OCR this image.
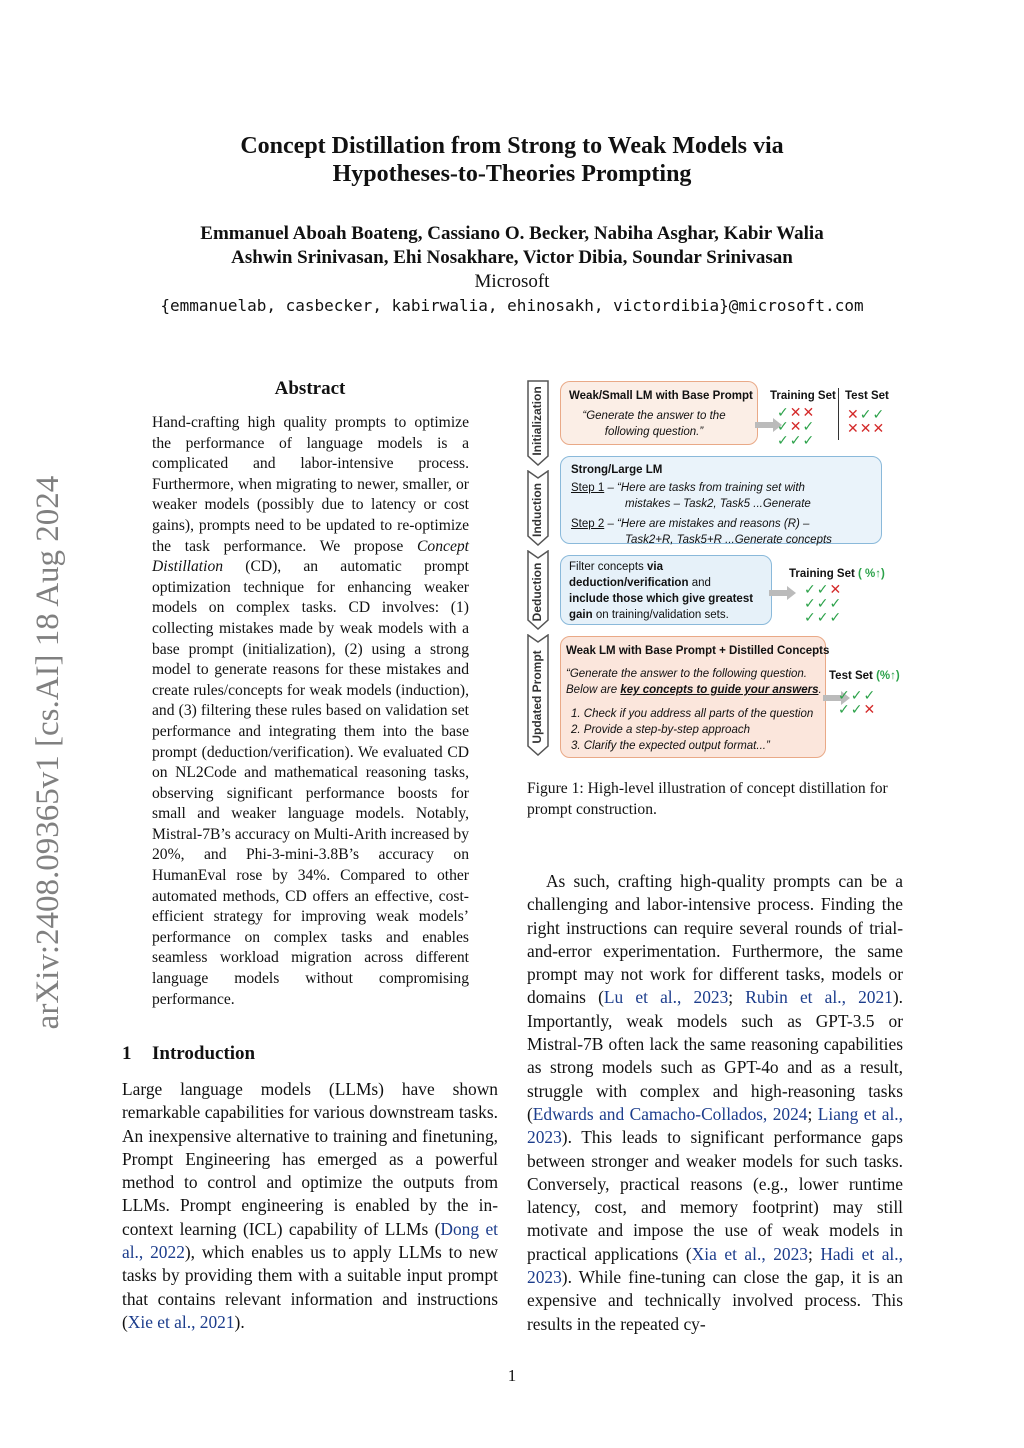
Concept Distillation from Strong to Weak Models via
Hypotheses-to-Theories Prompting
Emmanuel Aboah Boateng, Cassiano O. Becker, Nabiha Asghar, Kabir Walia
Ashwin Srinivasan, Ehi Nosakhare, Victor Dibia, Soundar Srinivasan
Microsoft
{emmanuelab, casbecker, kabirwalia, ehinosakh, victordibia}@microsoft.com
arXiv:2408.09365v1 [cs.AI] 18 Aug 2024
Abstract
Hand-crafting high quality prompts to optimize the performance of language models is a complicated and labor-intensive process. Furthermore, when migrating to newer, smaller, or weaker models (possibly due to latency or cost gains), prompts need to be updated to re-optimize the task performance. We propose Concept Distillation (CD), an automatic prompt optimization technique for enhancing weaker models on complex tasks. CD involves: (1) collecting mistakes made by weak models with a base prompt (initialization), (2) using a strong model to generate reasons for these mistakes and create rules/concepts for weak models (induction), and (3) filtering these rules based on validation set performance and integrating them into the base prompt (deduction/verification). We evaluated CD on NL2Code and mathematical reasoning tasks, observing significant performance boosts for small and weaker language models. Notably, Mistral-7B’s accuracy on Multi-Arith increased by 20%, and Phi-3-mini-3.8B’s accuracy on HumanEval rose by 34%. Compared to other automated methods, CD offers an effective, cost-efficient strategy for improving weak models’ performance on complex tasks and enables seamless workload migration across different language models without compromising performance.
1 Introduction
Large language models (LLMs) have shown remarkable capabilities for various downstream tasks. An inexpensive alternative to training and finetuning, Prompt Engineering has emerged as a powerful method to control and optimize the outputs from LLMs. Prompt engineering is enabled by the in-context learning (ICL) capability of LLMs (Dong et al., 2022), which enables us to apply LLMs to new tasks by providing them with a suitable input prompt that contains relevant information and instructions (Xie et al., 2021).
As such, crafting high-quality prompts can be a challenging and labor-intensive process. Finding the right instructions can require several rounds of trial-and-error experimentation. Furthermore, the same prompt may not work for different tasks, models or domains (Lu et al., 2023; Rubin et al., 2021). Importantly, weak models such as GPT-3.5 or Mistral-7B often lack the same reasoning capabilities as strong models such as GPT-4o and as a result, struggle with complex and high-reasoning tasks (Edwards and Camacho-Collados, 2024; Liang et al., 2023). This leads to significant performance gaps between stronger and weaker models for such tasks. Conversely, practical reasons (e.g., lower runtime latency, cost, and memory footprint) may still motivate and impose the use of weak models in practical applications (Xia et al., 2023; Hadi et al., 2023). While fine-tuning can close the gap, it is an expensive and technically involved process. This results in the repeated cy-
Initialization
Induction
Deduction
Updated Prompt
Weak/Small LM with Base Prompt
“Generate the answer to the following question.”
Training Set Test Set
✓✕✕
✓✕✓
✓✓✓
✕✓✓
✕✕✕
Strong/Large LM
Step 1 – “Here are tasks from training set with
mistakes – Task2, Task5 ...Generate
Step 2 – “Here are mistakes and reasons (R) –
Task2+R, Task5+R ...Generate concepts
Filter concepts via
deduction/verification and
include those which give greatest
gain on training/validation sets.
Training Set ( %↑)
✓✓✕
✓✓✓
✓✓✓
Weak LM with Base Prompt + Distilled Concepts
“Generate the answer to the following question.
Below are key concepts to guide your answers.
1. Check if you address all parts of the question
2. Provide a step-by-step approach
3. Clarify the expected output format...”
Test Set (%↑)
✓✓✓
✓✓✕
Figure 1: High-level illustration of concept distillation for prompt construction.
1
